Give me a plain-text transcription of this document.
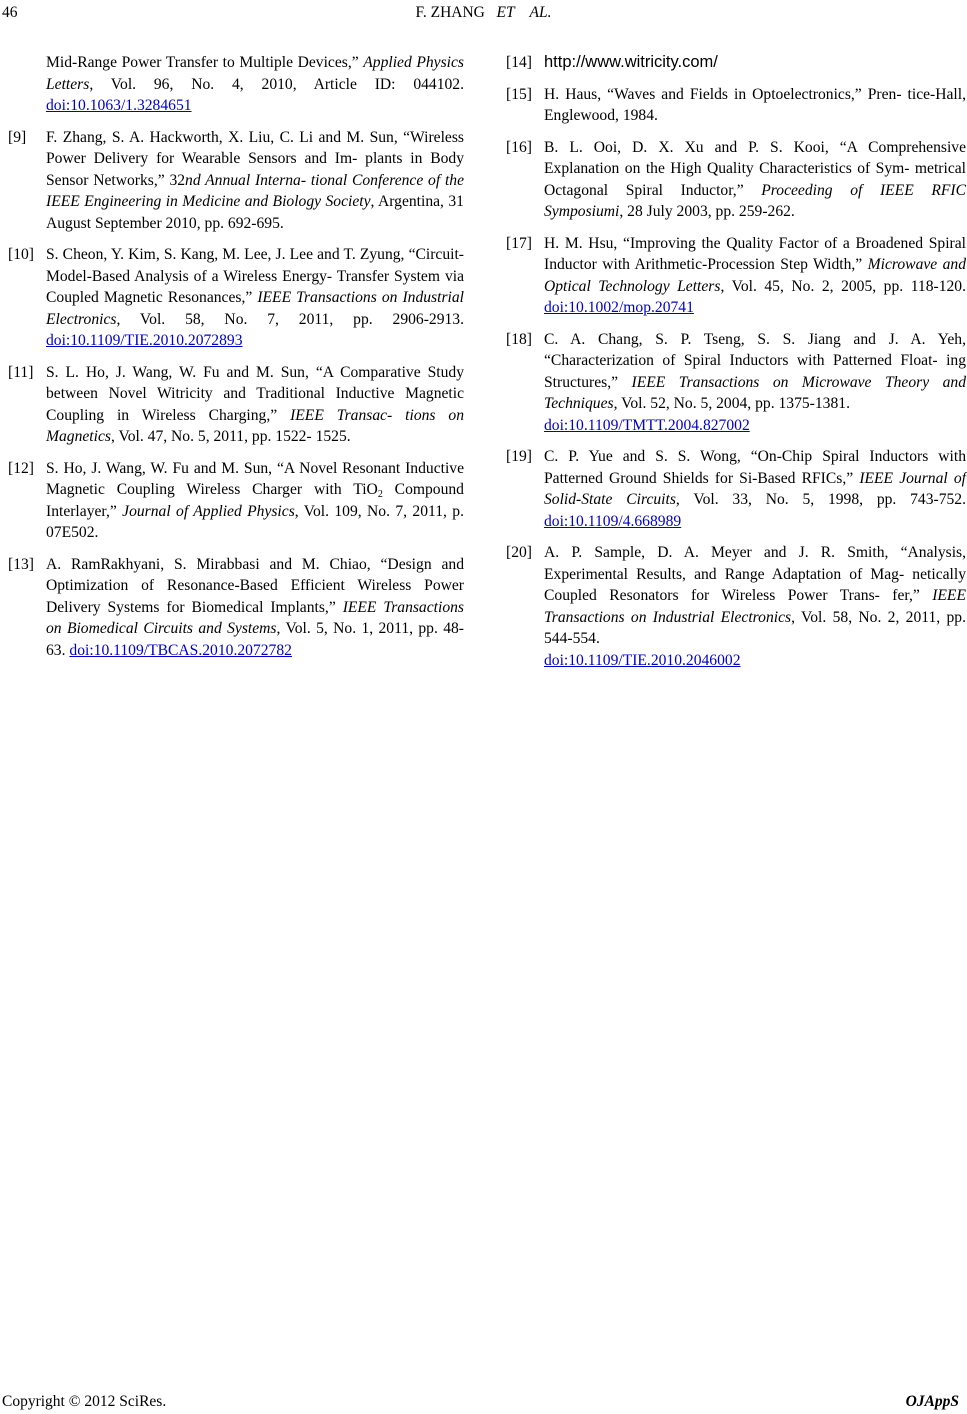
46	F. ZHANG ET    AL.
Mid-Range Power Transfer to Multiple Devices,” Applied Physics Letters, Vol. 96, No. 4, 2010, Article ID: 044102. doi:10.1063/1.3284651
[9] F. Zhang, S. A. Hackworth, X. Liu, C. Li and M. Sun, “Wireless Power Delivery for Wearable Sensors and Im- plants in Body Sensor Networks,” 32nd Annual Interna- tional Conference of the IEEE Engineering in Medicine and Biology Society, Argentina, 31 August September 2010, pp. 692-695.
[10] S. Cheon, Y. Kim, S. Kang, M. Lee, J. Lee and T. Zyung, “Circuit-Model-Based Analysis of a Wireless Energy- Transfer System via Coupled Magnetic Resonances,” IEEE Transactions on Industrial Electronics, Vol. 58, No. 7, 2011, pp. 2906-2913. doi:10.1109/TIE.2010.2072893
[11] S. L. Ho, J. Wang, W. Fu and M. Sun, “A Comparative Study between Novel Witricity and Traditional Inductive Magnetic Coupling in Wireless Charging,” IEEE Transac- tions on Magnetics, Vol. 47, No. 5, 2011, pp. 1522- 1525.
[12] S. Ho, J. Wang, W. Fu and M. Sun, “A Novel Resonant Inductive Magnetic Coupling Wireless Charger with TiO$_2$ Compound Interlayer,” Journal of Applied Physics, Vol. 109, No. 7, 2011, p. 07E502.
[13] A. RamRakhyani, S. Mirabbasi and M. Chiao, “Design and Optimization of Resonance-Based Efficient Wireless Power Delivery Systems for Biomedical Implants,” IEEE Transactions on Biomedical Circuits and Systems, Vol. 5, No. 1, 2011, pp. 48-63. doi:10.1109/TBCAS.2010.2072782
[14] http://www.witricity.com/
[15] H. Haus, “Waves and Fields in Optoelectronics,” Pren- tice-Hall, Englewood, 1984.
[16] B. L. Ooi, D. X. Xu and P. S. Kooi, “A Comprehensive Explanation on the High Quality Characteristics of Sym- metrical Octagonal Spiral Inductor,” Proceeding of IEEE RFIC Symposiumi, 28 July 2003, pp. 259-262.
[17] H. M. Hsu, “Improving the Quality Factor of a Broadened Spiral Inductor with Arithmetic-Procession Step Width,” Microwave and Optical Technology Letters, Vol. 45, No. 2, 2005, pp. 118-120. doi:10.1002/mop.20741
[18] C. A. Chang, S. P. Tseng, S. S. Jiang and J. A. Yeh, “Characterization of Spiral Inductors with Patterned Float- ing Structures,” IEEE Transactions on Microwave Theory and Techniques, Vol. 52, No. 5, 2004, pp. 1375-1381.
doi:10.1109/TMTT.2004.827002
[19] C. P. Yue and S. S. Wong, “On-Chip Spiral Inductors with Patterned Ground Shields for Si-Based RFICs,” IEEE Journal of Solid-State Circuits, Vol. 33, No. 5, 1998, pp. 743-752. doi:10.1109/4.668989
[20] A. P. Sample, D. A. Meyer and J. R. Smith, “Analysis, Experimental Results, and Range Adaptation of Mag- netically Coupled Resonators for Wireless Power Trans- fer,” IEEE Transactions on Industrial Electronics, Vol. 58, No. 2, 2011, pp. 544-554.
doi:10.1109/TIE.2010.2046002
Copyright © 2012 SciRes.	OJAppS
